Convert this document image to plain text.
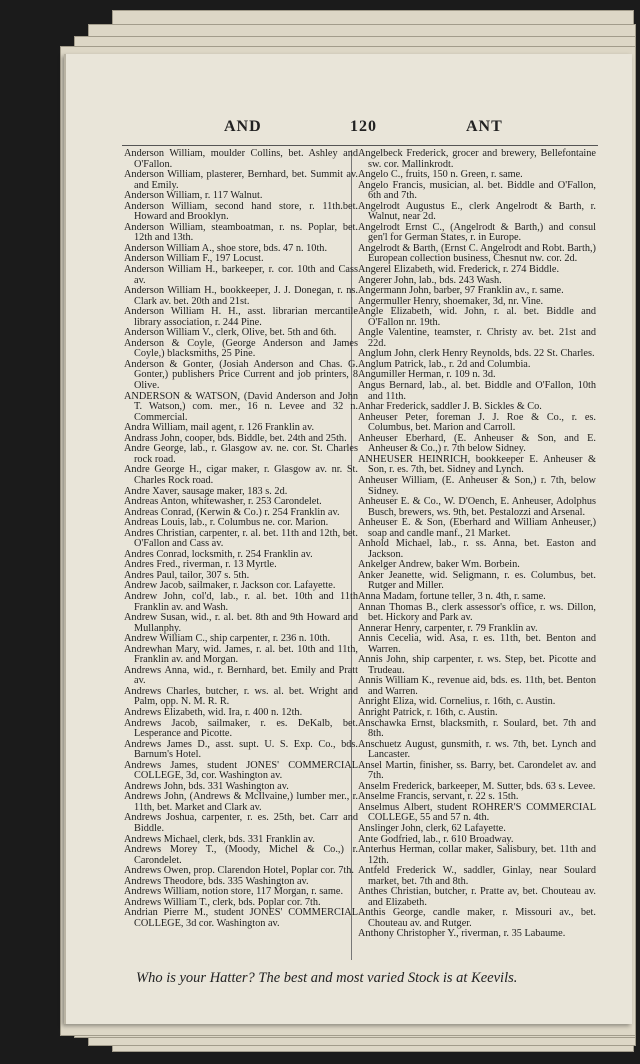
AND	120	ANT

Anderson William, moulder Collins, bet. Ashley and O'Fallon.

Anderson William, plasterer, Bernhard, bet. Summit av. and Emily.

Anderson William, r. 117 Walnut.

Anderson William, second hand store, r. 11th.bet. Howard and Brooklyn.

Anderson William, steamboatman, r. ns. Poplar, bet. 12th and 13th.

Anderson William A., shoe store, bds. 47 n. 10th.

Anderson William F., 197 Locust.

Anderson William H., barkeeper, r. cor. 10th and Cass av.

Anderson William H., bookkeeper, J. J. Donegan, r. ns. Clark av. bet. 20th and 21st.

Anderson William H. H., asst. librarian mercantile library association, r. 244 Pine.

Anderson William V., clerk, Olive, bet. 5th and 6th.

Anderson & Coyle, (George Anderson and James Coyle,) blacksmiths, 25 Pine.

Anderson & Gonter, (Josiah Anderson and Chas. G. Gonter,) publishers Price Current and job printers, 8 Olive.

ANDERSON & WATSON, (David Anderson and John T. Watson,) com. mer., 16 n. Levee and 32 n. Commercial.

Andra William, mail agent, r. 126 Franklin av.

Andrass John, cooper, bds. Biddle, bet. 24th and 25th.

Andre George, lab., r. Glasgow av. ne. cor. St. Charles rock road.

Andre George H., cigar maker, r. Glasgow av. nr. St. Charles Rock road.

Andre Xaver, sausage maker, 183 s. 2d.

Andreas Anton, whitewasher, r. 253 Carondelet.

Andreas Conrad, (Kerwin & Co.) r. 254 Franklin av.

Andreas Louis, lab., r. Columbus ne. cor. Marion.

Andres Christian, carpenter, r. al. bet. 11th and 12th, bet. O'Fallon and Cass av.

Andres Conrad, locksmith, r. 254 Franklin av.

Andres Fred., riverman, r. 13 Myrtle.

Andres Paul, tailor, 307 s. 5th.

Andrew Jacob, sailmaker, r. Jackson cor. Lafayette.

Andrew John, col'd, lab., r. al. bet. 10th and 11th Franklin av. and Wash.

Andrew Susan, wid., r. al. bet. 8th and 9th Howard and Mullanphy.

Andrew William C., ship carpenter, r. 236 n. 10th.

Andrewhan Mary, wid. James, r. al. bet. 10th and 11th, Franklin av. and Morgan.

Andrews Anna, wid., r. Bernhard, bet. Emily and Pratt av.

Andrews Charles, butcher, r. ws. al. bet. Wright and Palm, opp. N. M. R. R.

Andrews Elizabeth, wid. Ira, r. 400 n. 12th.

Andrews Jacob, sailmaker, r. es. DeKalb, bet. Lesperance and Picotte.

Andrews James D., asst. supt. U. S. Exp. Co., bds. Barnum's Hotel.

Andrews James, student JONES' COMMERCIAL COLLEGE, 3d, cor. Washington av.

Andrews John, bds. 331 Washington av.

Andrews John, (Andrews & McIlvaine,) lumber mer., r. 11th, bet. Market and Clark av.

Andrews Joshua, carpenter, r. es. 25th, bet. Carr and Biddle.

Andrews Michael, clerk, bds. 331 Franklin av.

Andrews Morey T., (Moody, Michel & Co.,) r. Carondelet.

Andrews Owen, prop. Clarendon Hotel, Poplar cor. 7th.

Andrews Theodore, bds. 335 Washington av.

Andrews William, notion store, 117 Morgan, r. same.

Andrews William T., clerk, bds. Poplar cor. 7th.

Andrian Pierre M., student JONES' COMMERCIAL COLLEGE, 3d cor. Washington av.

Angelbeck Frederick, grocer and brewery, Bellefontaine sw. cor. Mallinkrodt.

Angelo C., fruits, 150 n. Green, r. same.

Angelo Francis, musician, al. bet. Biddle and O'Fallon, 6th and 7th.

Angelrodt Augustus E., clerk Angelrodt & Barth, r. Walnut, near 2d.

Angelrodt Ernst C., (Angelrodt & Barth,) and consul gen'l for German States, r. in Europe.

Angelrodt & Barth, (Ernst C. Angelrodt and Robt. Barth,) European collection business, Chesnut nw. cor. 2d.

Angerel Elizabeth, wid. Frederick, r. 274 Biddle.

Angerer John, lab., bds. 243 Wash.

Angermann John, barber, 97 Franklin av., r. same.

Angermuller Henry, shoemaker, 3d, nr. Vine.

Angle Elizabeth, wid. John, r. al. bet. Biddle and O'Fallon nr. 19th.

Angle Valentine, teamster, r. Christy av. bet. 21st and 22d.

Anglum John, clerk Henry Reynolds, bds. 22 St. Charles.

Anglum Patrick, lab., r. 2d and Columbia.

Angumiller Herman, r. 109 n. 3d.

Angus Bernard, lab., al. bet. Biddle and O'Fallon, 10th and 11th.

Anhar Frederick, saddler J. B. Sickles & Co.

Anheuser Peter, foreman J. J. Roe & Co., r. es. Columbus, bet. Marion and Carroll.

Anheuser Eberhard, (E. Anheuser & Son, and E. Anheuser & Co.,) r. 7th below Sidney.

ANHEUSER HEINRICH, bookkeeper E. Anheuser & Son, r. es. 7th, bet. Sidney and Lynch.

Anheuser William, (E. Anheuser & Son,) r. 7th, below Sidney.

Anheuser E. & Co., W. D'Oench, E. Anheuser, Adolphus Busch, brewers, ws. 9th, bet. Pestalozzi and Arsenal.

Anheuser E. & Son, (Eberhard and William Anheuser,) soap and candle manf., 21 Market.

Anhold Michael, lab., r. ss. Anna, bet. Easton and Jackson.

Ankelger Andrew, baker Wm. Borbein.

Anker Jeanette, wid. Seligmann, r. es. Columbus, bet. Rutger and Miller.

Anna Madam, fortune teller, 3 n. 4th, r. same.

Annan Thomas B., clerk assessor's office, r. ws. Dillon, bet. Hickory and Park av.

Annerar Henry, carpenter, r. 79 Franklin av.

Annis Cecelia, wid. Asa, r. es. 11th, bet. Benton and Warren.

Annis John, ship carpenter, r. ws. Step, bet. Picotte and Trudeau.

Annis William K., revenue aid, bds. es. 11th, bet. Benton and Warren.

Anright Eliza, wid. Cornelius, r. 16th, c. Austin.

Anright Patrick, r. 16th, c. Austin.

Anschawka Ernst, blacksmith, r. Soulard, bet. 7th and 8th.

Anschuetz August, gunsmith, r. ws. 7th, bet. Lynch and Lancaster.

Ansel Martin, finisher, ss. Barry, bet. Carondelet av. and 7th.

Anselm Frederick, barkeeper, M. Sutter, bds. 63 s. Levee.

Anselme Francis, servant, r. 22 s. 15th.

Anselmus Albert, student ROHRER'S COMMERCIAL COLLEGE, 55 and 57 n. 4th.

Anslinger John, clerk, 62 Lafayette.

Ante Godfried, lab., r. 610 Broadway.

Anterhus Herman, collar maker, Salisbury, bet. 11th and 12th.

Antfeld Frederick W., saddler, Ginlay, near Soulard market, bet. 7th and 8th.

Anthes Christian, butcher, r. Pratte av, bet. Chouteau av. and Elizabeth.

Anthis George, candle maker, r. Missouri av., bet. Chouteau av. and Rutger.

Anthony Christopher Y., riverman, r. 35 Labaume.

Who is your Hatter? The best and most varied Stock is at Keevils.
